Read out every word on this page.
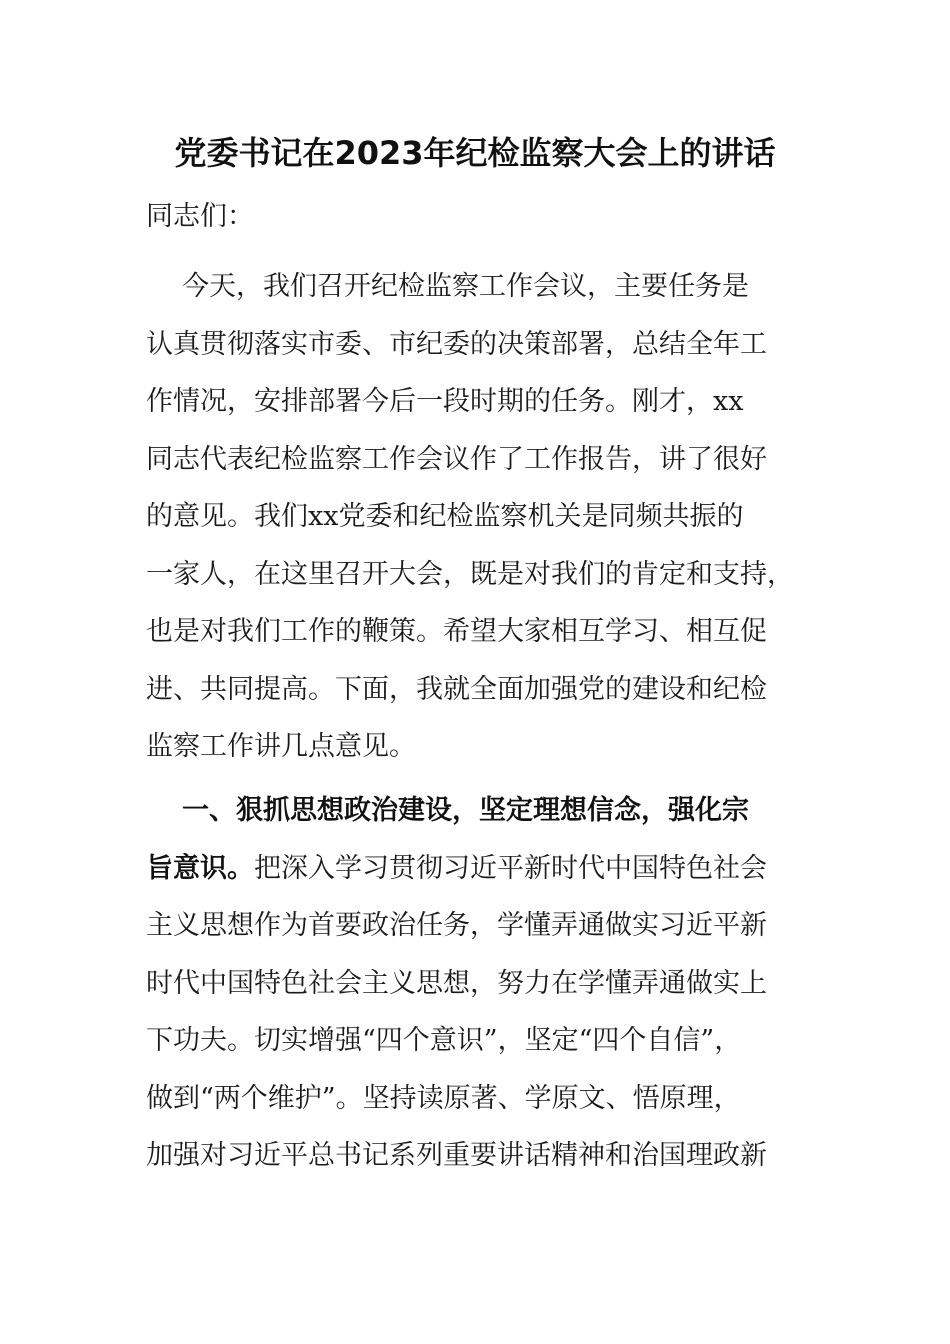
党委书记在2023年纪检监察大会上的讲话

同志们：

今天，我们召开纪检监察工作会议，主要任务是
认真贯彻落实市委、市纪委的决策部署，总结全年工
作情况，安排部署今后一段时期的任务。刚才，xx
同志代表纪检监察工作会议作了工作报告，讲了很好
的意见。我们xx党委和纪检监察机关是同频共振的
一家人，在这里召开大会，既是对我们的肯定和支持，
也是对我们工作的鞭策。希望大家相互学习、相互促
进、共同提高。下面，我就全面加强党的建设和纪检
监察工作讲几点意见。
一、狠抓思想政治建设，坚定理想信念，强化宗
旨意识。把深入学习贯彻习近平新时代中国特色社会
主义思想作为首要政治任务，学懂弄通做实习近平新
时代中国特色社会主义思想，努力在学懂弄通做实上
下功夫。切实增强“四个意识”，坚定“四个自信”，
做到“两个维护”。坚持读原著、学原文、悟原理，
加强对习近平总书记系列重要讲话精神和治国理政新
